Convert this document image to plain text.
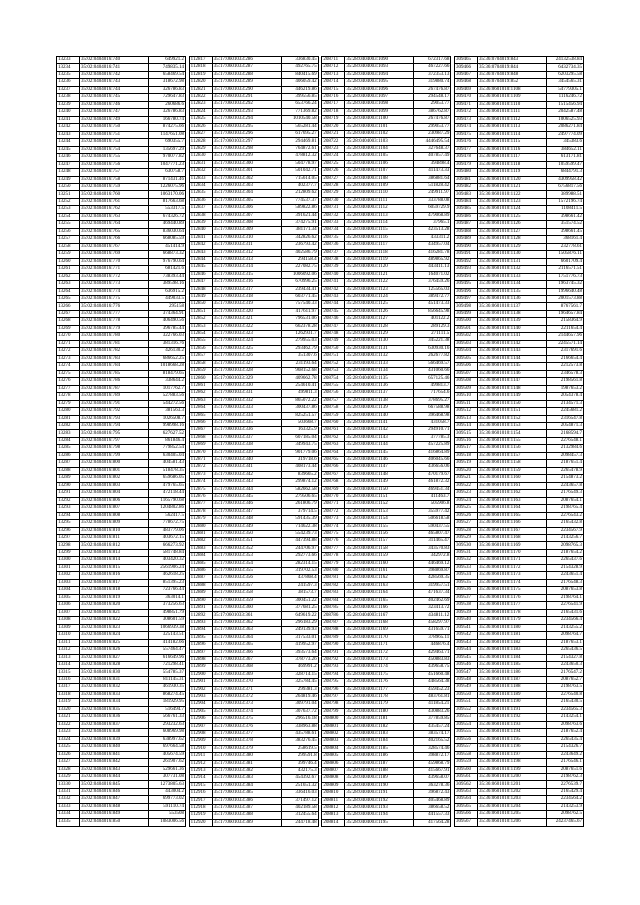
13233	35:02:0404016:740	649921.2
13234	35:02:0404016:741	749835.14
13235	35:02:0404016:742	658469.54
13236	35:02:0404016:743	318672.98
13237	35:02:0404016:744	326786.83
13238	35:02:0404016:745	729647.83
13239	35:02:0404016:746	260686.6
13240	35:02:0404016:747	326786.83
13241	35:02:0404016:749	166780.74
13242	35:02:0404016:750	874275.66
13243	35:02:0404016:751	1147651.08
13244	35:02:0404016:753	690355.7
13245	35:02:0404016:754	135697.29
13246	35:02:0404016:755	970077.82
13247	35:02:0404016:756	1047771.23
13248	35:02:0404016:757	630758.7
13249	35:02:0404016:758	871431.46
13250	35:02:0404016:759	1226075.96
13251	35:02:0404016:760	1063170.06
13252	35:02:0404016:761	817663.68
13253	35:02:0404016:762	553317.5
13254	35:02:0404016:763	674326.72
13255	35:02:0404016:764	469440.89
13256	35:02:0404016:765	836030.64
13257	35:02:0404016:766	668085.59
13258	35:02:0404016:767	451414.9
13259	35:02:0404016:769	668873.32
13260	35:02:0404016:770	976790.64
13261	35:02:0404016:771	681421.6
13262	35:02:0404016:772	738393.44
13263	35:02:0404016:773	389598.16
13264	35:02:0404016:774	636915.2
13265	35:02:0404016:775	449033.5
13266	35:02:0404016:776	295158
13267	35:02:0404016:777	374364.91
13268	35:02:0404016:778	406490.56
13269	35:02:0404016:779	396785.44
13270	35:02:0404016:780	322766.03
13271	35:02:0404016:781	381316.76
13272	35:02:0404016:782	426130.2
13273	35:02:0404016:783	686652.25
13274	35:02:0404016:784	1018668.28
13275	35:02:0404016:785	818479.65
13276	35:02:0404016:786	338644.2
13277	35:02:0404016:787	1017762.7
13278	35:02:0404016:789	527883.56
13279	35:02:0404016:791	544272.56
13280	35:02:0404016:792	381563.3
13281	35:02:0404016:793	1026508.7
13282	35:02:0404016:794	998998.16
13283	35:02:0404016:795	627627.52
13284	35:02:0404016:797	861846.4
13285	35:02:0404016:798	779852.54
13286	35:02:0404016:799	630405.04
13287	35:02:0404016:800	404581.43
13288	35:02:0404016:801	518478.35
13289	35:02:0404016:802	659686.05
13290	35:02:0404016:803	479765.65
13291	35:02:0404016:804	472118.44
13292	35:02:0404016:806	1165790.68
13293	35:02:0404016:807	1204802.86
13294	35:02:0404016:808	562417.5
13295	35:02:0404016:809	778672.75
13296	35:02:0404016:810	483779.06
13297	35:02:0404016:811	403672.15
13298	35:02:0404016:812	666273.92
13299	35:02:0404016:813	581748.84
13300	35:02:0404016:814	403420.32
13301	35:02:0404016:815	2561906.24
13302	35:02:0404016:816	462618.25
13303	35:02:0404016:817	851395.23
13304	35:02:0404016:818	723766.44
13305	35:02:0404016:819	363014.1
13306	35:02:0404016:820	373256.63
13307	35:02:0404016:821	498851.79
13308	35:02:0404016:822	308601.59
13309	35:02:0404016:823	1066939.38
13310	35:02:0404016:824	325143.51
13311	35:02:0404016:825	414182.66
13312	35:02:0404016:826	557464.47
13313	35:02:0404016:827	616649.96
13314	35:02:0404016:828	721298.41
13315	35:02:0404016:830	554785.37
13316	35:02:0404016:831	811145.31
13317	35:02:0404016:832	461930.35
13318	35:02:0404016:833	868274.45
13319	35:02:0404016:834	181929.95
13320	35:02:0404016:835	516494.7
13321	35:02:0404016:836	566761.33
13322	35:02:0404016:837	293232.63
13323	35:02:0404016:838	608969.98
13324	35:02:0404016:839	638997.62
13325	35:02:0404016:840	697664.58
13326	35:02:0404016:841	405674.59
13327	35:02:0404016:842	261907.62
13328	35:02:0404016:843	529661.36
13329	35:02:0404016:844	307731.08
13330	35:02:0404016:845	1273805.63
13331	35:02:0404016:846	443004.2
13332	35:02:0404016:847	699773.02
13333	35:02:0404016:848	591110.74
13334	35:02:0404016:849	553508
13335	35:02:0404016:850	1083006.56
112817	35:17:0601033:286	336830.45
112818	35:17:0601033:287	492765.75
112819	35:17:0601033:288	840415.69
112820	35:17:0601033:289	406059.42
112821	35:17:0601033:290	446219.86
112822	35:17:0601033:291	399556.85
112823	35:17:0601033:292	653766.24
112824	35:17:0601033:293	771369.82
112825	35:17:0601033:294	1010540.58
112826	35:17:0601033:295	565281.44
112827	35:17:0601033:296	617695.27
112828	35:17:0601033:297	294469.81
112829	35:17:0601033:298	764872.61
112830	35:17:0601033:299	478812.32
112831	35:17:0601033:300	504778.97
112832	35:17:0601033:301	501042.71
112833	35:17:0601033:302	715614.05
112834	35:17:0601033:303	402377.7
112835	35:17:0601033:304	212809.62
112836	35:17:0601033:305	774537.37
112837	35:17:0601033:306	589822.86
112838	35:17:0601033:307	391621.44
112839	35:17:0601033:308	374275.91
112840	35:17:0601033:309	381171.34
112841	35:17:0601033:310	342826.62
112842	35:17:0601033:311	236793.42
112843	35:17:0601033:312	402586.79
112844	35:17:0601033:313	294158.4
112845	35:17:0601033:314	227082.75
112846	35:17:0601033:315	1006092.06
112847	35:17:0601033:316	670996.25
112848	35:17:0601033:317	239434.41
112849	35:17:0601033:318	603771.45
112850	35:17:0601033:319	757540.33
112851	35:17:0601033:320	417611.97
112852	35:17:0601033:321	796531.06
112853	35:17:0601033:322	662378.28
112854	35:17:0601033:323	1262931.7
112855	35:17:0601033:324	279955.03
112856	35:17:0601033:325	293462.79
112857	35:17:0601033:326	351307.6
112858	35:17:0601033:327	231193.64
112859	35:17:0601033:328	968152.68
112860	35:17:0601033:329	409662.78
112861	35:17:0601033:330	254610.41
112862	35:17:0601033:331	499811.3
112863	35:17:0601033:332	865072.22
112864	35:17:0601033:333	300437.86
112865	35:17:0601033:334	825251.57
112866	35:17:0601033:335	503668.7
112867	35:17:0601033:336	163325.9
112868	35:17:0601033:337	607185.04
112869	35:17:0601033:338	349943.75
112870	35:17:0601033:339	901779.06
112871	35:17:0601033:340	319718.6
112872	35:17:0601033:341	408173.44
112873	35:17:0601033:342	839665.2
112874	35:17:0601033:343	299874.12
112875	35:17:0601033:344	582662.58
112876	35:17:0601033:345	279506.65
112877	35:17:0601033:346	261806.79
112878	35:17:0601033:347	379714.5
112879	35:17:0601033:348	591435.39
112880	35:17:0601033:349	714622.38
112881	35:17:0601033:350	554239.73
112882	35:17:0601033:351	447394.88
112883	35:17:0601033:352	244706.97
112884	35:17:0601033:353	292773.66
112885	35:17:0601033:354	282314.15
112886	35:17:0601033:355	319702.53
112887	35:17:0601033:356	437868.4
112888	35:17:0601033:357	241597.3
112889	35:17:0601033:358	381573.7
112890	35:17:0601033:359	300451.22
112891	35:17:0601033:360	377681.25
112892	35:17:0601033:361	649619.22
112893	35:17:0601033:362	296183.29
112894	35:17:0601033:363	249139.93
112895	35:17:0601033:364	317533.01
112896	35:17:0601033:365	419952.97
112897	35:17:0601033:366	393573.64
112898	35:17:0601033:367	378773.26
112899	35:17:0601033:368	469991.2
112900	35:17:0601033:369	328714.15
112901	35:17:0601033:370	325784.45
112902	35:17:0601033:371	299381.3
112903	35:17:0601033:372	264819.46
112904	35:17:0601033:373	309791.04
112905	35:17:0601033:374	307637.72
112906	35:17:0601033:375	296516.18
112907	35:17:0601033:376	338963.88
112908	35:17:0601033:377	435788.61
112909	35:17:0601033:378	383276.45
112910	35:17:0601033:379	258619.5
112911	35:17:0601033:380	299591.8
112912	35:17:0601033:381	399746.4
112913	35:17:0601033:382	432175.3
112914	35:17:0601033:383	454392.67
112915	35:17:0601033:384	251651.32
112916	35:17:0601033:385	336416.03
112917	35:17:0601033:386	371497.12
112918	35:17:0601033:387	402189.58
112919	35:17:0601033:388	312455.64
112920	35:17:0601033:389	244718.48
208711	35:28:0404003:1090	672317.68
208712	35:28:0404003:1093	467227.66
208713	35:28:0404003:1094	372353.13
208714	35:28:0404003:1095	319880.74
208715	35:28:0404003:1096	267476.87
208716	35:28:0404003:1097	294548.17
208717	35:28:0404003:1098	29053.77
208718	35:28:0404003:1099	386762.87
208719	35:28:0404003:1100	267476.87
208720	35:28:0404003:1101	299053.77
208721	35:28:0404003:1102	230987.29
208722	35:28:0404003:1103	4446495.54
208723	35:28:0404003:1104	327648.37
208724	35:28:0404003:1105	407857.49
208725	35:28:0404003:1106	394898.4
208726	35:28:0404003:1107	411473.33
208727	35:28:0404003:1108	386881.64
208728	35:28:0404003:1109	511828.42
208729	35:28:0404003:1110	249911.97
208730	35:28:0404003:1111	333788.08
208731	35:28:0404003:1112	6059729.9
208732	35:28:0404003:1113	479068.89
208733	35:28:0404003:1114	37965.1
208734	35:28:0404003:1115	423513.28
208735	35:28:0404003:1116	433311.2
208736	35:28:0404003:1117	434957.04
208737	35:28:0404003:1118	416281.78
208738	35:28:0404003:1119	489865.92
208739	35:28:0404003:1120	443411.13
208740	35:28:0404003:1121	164071.02
208741	35:28:0404003:1122	376459.26
208742	35:28:0404003:1123	125565.03
208743	35:28:0404003:1124	389472.77
208744	35:28:0404003:1125	451473.33
208745	35:28:0404003:1126	856645.98
208746	35:28:0404003:1127	401122.2
208747	35:28:0404003:1128	289129.3
208748	35:28:0404003:1129	271111.5
208749	35:28:0404003:1130	345221.38
208750	35:28:0404003:1131	630930.16
208751	35:28:0404003:1132	262677.82
208752	35:28:0404003:1133	566469.57
208753	35:28:0404003:1134	431060.66
208754	35:28:0404003:1135	657125.46
208755	35:28:0404003:1136	499813.7
208756	35:28:0404003:1137	717654.6
208757	35:28:0404003:1138	378695.27
208758	35:28:0404003:1139	667588.98
208759	35:28:0404003:1140	396468.98
208760	35:28:0404003:1141	431058.7
208761	35:28:0404003:1142	294910.71
208762	35:28:0404003:1143	377785.3
208763	35:28:0404003:1144	457225.89
208764	35:28:0404003:1145	416864.89
208765	35:28:0404003:1146	406045.66
208766	35:28:0404003:1147	436656.06
208767	35:28:0404003:1148	470179.67
208768	35:28:0404003:1149	461872.32
208769	35:28:0404003:1150	469451.34
208770	35:28:0404003:1151	411463.7
208771	35:28:0404003:1152	505906.8
208772	35:28:0404003:1153	355977.42
208773	35:28:0404003:1154	506618.58
208774	35:28:0404003:1155	590437.55
208775	35:28:0404003:1156	465807.47
208776	35:28:0404003:1157	311465.47
208777	35:28:0404003:1158	343570.83
208778	35:28:0404003:1159	342972.8
208779	35:28:0404003:1160	446469.12
208780	35:28:0404003:1161	398869.87
208781	35:28:0404003:1162	428569.35
208782	35:28:0404003:1163	319957.51
208783	35:28:0404003:1164	471637.34
208784	35:28:0404003:1165	402462.69
208785	35:28:0404003:1166	323413.72
208786	35:28:0404003:1167	434811.12
208787	35:28:0404003:1168	458297.97
208788	35:28:0404003:1169	431659.71
208789	35:28:0404003:1170	378965.11
208790	35:28:0404003:1171	446876.4
208791	35:28:0404003:1172	429463.71
208792	35:28:0404003:1173	450883.83
208793	35:28:0404003:1174	439658.75
208794	35:28:0404003:1175	451660.48
208795	35:28:0404003:1176	448564.38
208796	35:28:0404003:1177	459452.23
208797	35:28:0404003:1178	483761.81
208798	35:28:0404003:1179	411854.21
208799	35:28:0404003:1180	430883.26
208800	35:28:0404003:1181	377859.85
208801	35:28:0404003:1182	435457.24
208802	35:28:0404003:1183	383574.17
208803	35:28:0404003:1184	402165.52
208804	35:28:0404003:1185	328574.46
208805	35:28:0404003:1186	398872.17
208806	35:28:0404003:1187	459868.79
208807	35:28:0404003:1188	415667.91
208808	35:28:0404003:1189	439658.07
208809	35:28:0404003:1190	363278.36
208810	35:28:0404003:1191	396872.43
208811	35:28:0404003:1192	405468.89
208812	35:28:0404003:1193	386658.52
208813	35:28:0404003:1194	441557.33
208814	35:28:0404003:1195	417564.28
309465	35:36:0704019:843	24132538.84
309466	35:36:0704019:844	6432734.35
309467	35:36:0704019:848	6203295.58
309468	35:36:0704019:852	3454565.31
309469	35:36:0601010:1108	54779305.1
309470	35:36:0601010:1109	1116246.72
309471	35:36:0601010:1110	1515456.94
309472	35:36:0601010:1111	2042587.48
309473	35:36:0601010:1112	1006525.93
309474	35:36:0601010:1113	2086271.84
309475	35:36:0601010:1114	2497774.09
309476	35:36:0601010:1115	345383.6
309477	35:36:0601010:1116	384652.11
309478	35:36:0601010:1117	613171.81
309479	35:36:0601010:1118	1059599.47
309480	35:36:0601010:1119	6844791.3
309481	35:36:0601010:1120	4309958.42
309482	35:36:0601010:1121	6756817.56
309483	35:36:0601010:1122	389988.51
309484	35:36:0601010:1123	1572196.74
309485	35:36:0601010:1124	1108411.5
309486	35:36:0601010:1125	398661.42
309487	35:36:0601010:1126	351574.52
309488	35:36:0601010:1127	398661.45
309489	35:36:0601010:1128	368161.4
309490	35:36:0601010:1129	232778.61
309491	35:36:0601010:1130	1505876.11
309492	35:36:0601010:1131	6601709.4
309493	35:36:0601010:1132	2116571.51
309494	35:36:0601010:1133	1751776.73
309495	35:36:0601010:1134	1963745.32
309496	35:36:0601010:1135	1996640.48
309497	35:36:0601010:1136	2001573.88
309498	35:36:0601010:1137	8767561.7
309499	35:36:0601010:1138	1964657.84
309500	35:36:0601010:1139	2158364.9
309501	35:36:0601010:1140	2211654.4
309502	35:36:0601010:1141	2144657.96
309503	35:36:0601010:1142	2245571.14
309504	35:36:0601010:1143	2317691.6
309505	35:36:0601010:1144	2166654.4
309506	35:36:0601010:1145	2212573.8
309507	35:36:0601010:1146	2346578.3
309508	35:36:0601010:1147	2198561.8
309509	35:36:0601010:1148	1987653.2
309510	35:36:0601010:1149	2054378.4
309511	35:36:0601010:1150	2134571.3
309512	35:36:0601010:1151	2245681.2
309513	35:36:0601010:1152	2316547.8
309514	35:36:0601010:1153	2054871.3
309515	35:36:0601010:1154	2168594.7
309516	35:36:0601010:1155	2276548.1
309517	35:36:0601010:1156	2132984.6
309518	35:36:0601010:1157	2098457.3
309519	35:36:0601010:1158	2187651.4
309520	35:36:0601010:1159	2265478.9
309521	35:36:0601010:1160	2154873.2
309522	35:36:0601010:1161	2243657.8
309523	35:36:0601010:1162	2176549.3
309524	35:36:0601010:1163	2087654.1
309525	35:36:0601010:1164	2198765.4
309526	35:36:0601010:1165	2276543.2
309527	35:36:0601010:1166	2165432.8
309528	35:36:0601010:1167	2234567.9
309529	35:36:0601010:1168	2143256.7
309530	35:36:0601010:1169	2098765.3
309531	35:36:0601010:1170	2187654.2
309532	35:36:0601010:1171	2265437.6
309533	35:36:0601010:1172	2154328.9
309534	35:36:0601010:1173	2243651.4
309535	35:36:0601010:1174	2176548.3
309536	35:36:0601010:1175	2087653.8
309537	35:36:0601010:1176	2198764.1
309538	35:36:0601010:1177	2276541.9
309539	35:36:0601010:1178	2165431.6
309540	35:36:0601010:1179	2234566.4
309541	35:36:0601010:1180	2143255.2
309542	35:36:0601010:1181	2098764.7
309543	35:36:0601010:1182	2187653.1
309544	35:36:0601010:1183	2265436.5
309545	35:36:0601010:1184	2154327.8
309546	35:36:0601010:1185	2243650.3
309547	35:36:0601010:1186	2176547.2
309548	35:36:0601010:1187	2087652.7
309549	35:36:0601010:1188	2198763.5
309550	35:36:0601010:1189	2276540.8
309551	35:36:0601010:1190	2165430.5
309552	35:36:0601010:1191	2234565.3
309553	35:36:0601010:1192	2143254.1
309554	35:36:0601010:1193	2098763.6
309555	35:36:0601010:1194	2187652.4
309556	35:36:0601010:1195	2265435.4
309557	35:36:0601010:1196	2154326.7
309558	35:36:0601010:1197	2243649.2
309559	35:36:0601010:1198	2176546.1
309560	35:36:0601010:1199	2087651.6
309561	35:36:0601010:1200	2198762.3
309562	35:36:0601010:1201	2276539.7
309563	35:36:0601010:1202	2165429.4
309564	35:36:0601010:1203	2234564.2
309565	35:36:0601010:1204	2143253.9
309566	35:36:0601010:1205	2098762.5
309567	35:36:0601010:1206	24237465.67
